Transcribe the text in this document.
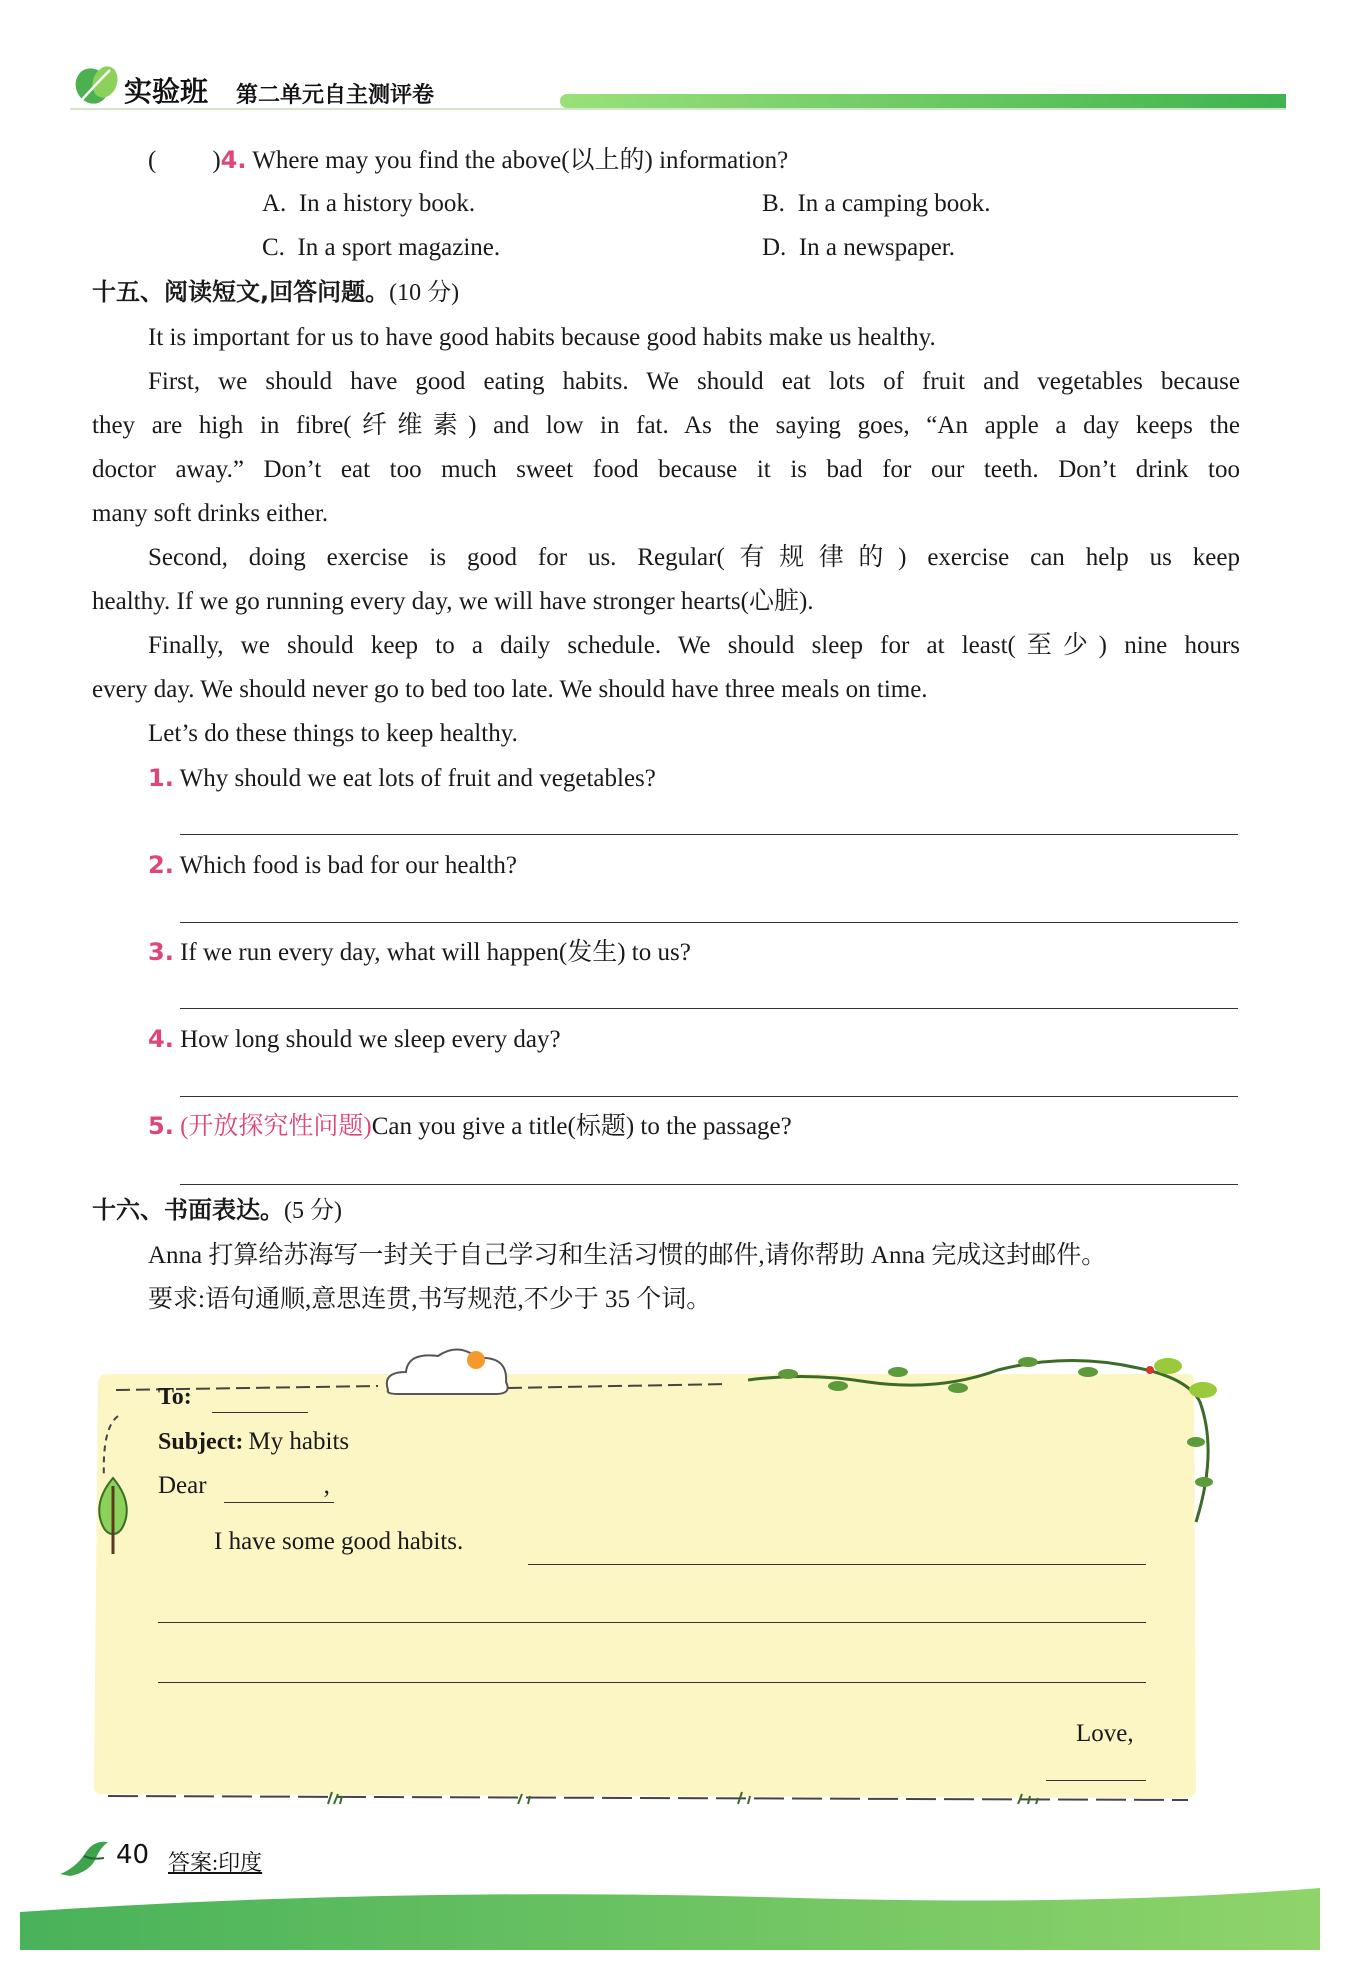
实验班 第二单元自主测评卷
( )4. Where may you find the above(以上的) information?
A. In a history book.	B. In a camping book.
C. In a sport magazine.	D. In a newspaper.
十五、阅读短文,回答问题。(10 分)
It is important for us to have good habits because good habits make us healthy.
First, we should have good eating habits. We should eat lots of fruit and vegetables because
they are high in fibre(纤维素) and low in fat. As the saying goes, “An apple a day keeps the
doctor away.” Don’t eat too much sweet food because it is bad for our teeth. Don’t drink too
many soft drinks either.
Second, doing exercise is good for us. Regular(有规律的) exercise can help us keep
healthy. If we go running every day, we will have stronger hearts(心脏).
Finally, we should keep to a daily schedule. We should sleep for at least(至少) nine hours
every day. We should never go to bed too late. We should have three meals on time.
Let’s do these things to keep healthy.
1. Why should we eat lots of fruit and vegetables?
2. Which food is bad for our health?
3. If we run every day, what will happen(发生) to us?
4. How long should we sleep every day?
5. (开放探究性问题)Can you give a title(标题) to the passage?
十六、书面表达。(5 分)
Anna 打算给苏海写一封关于自己学习和生活习惯的邮件,请你帮助 Anna 完成这封邮件。
要求:语句通顺,意思连贯,书写规范,不少于 35 个词。
To:
Subject: My habits
Dear	,
I have some good habits.
Love,
40 答案:印度
